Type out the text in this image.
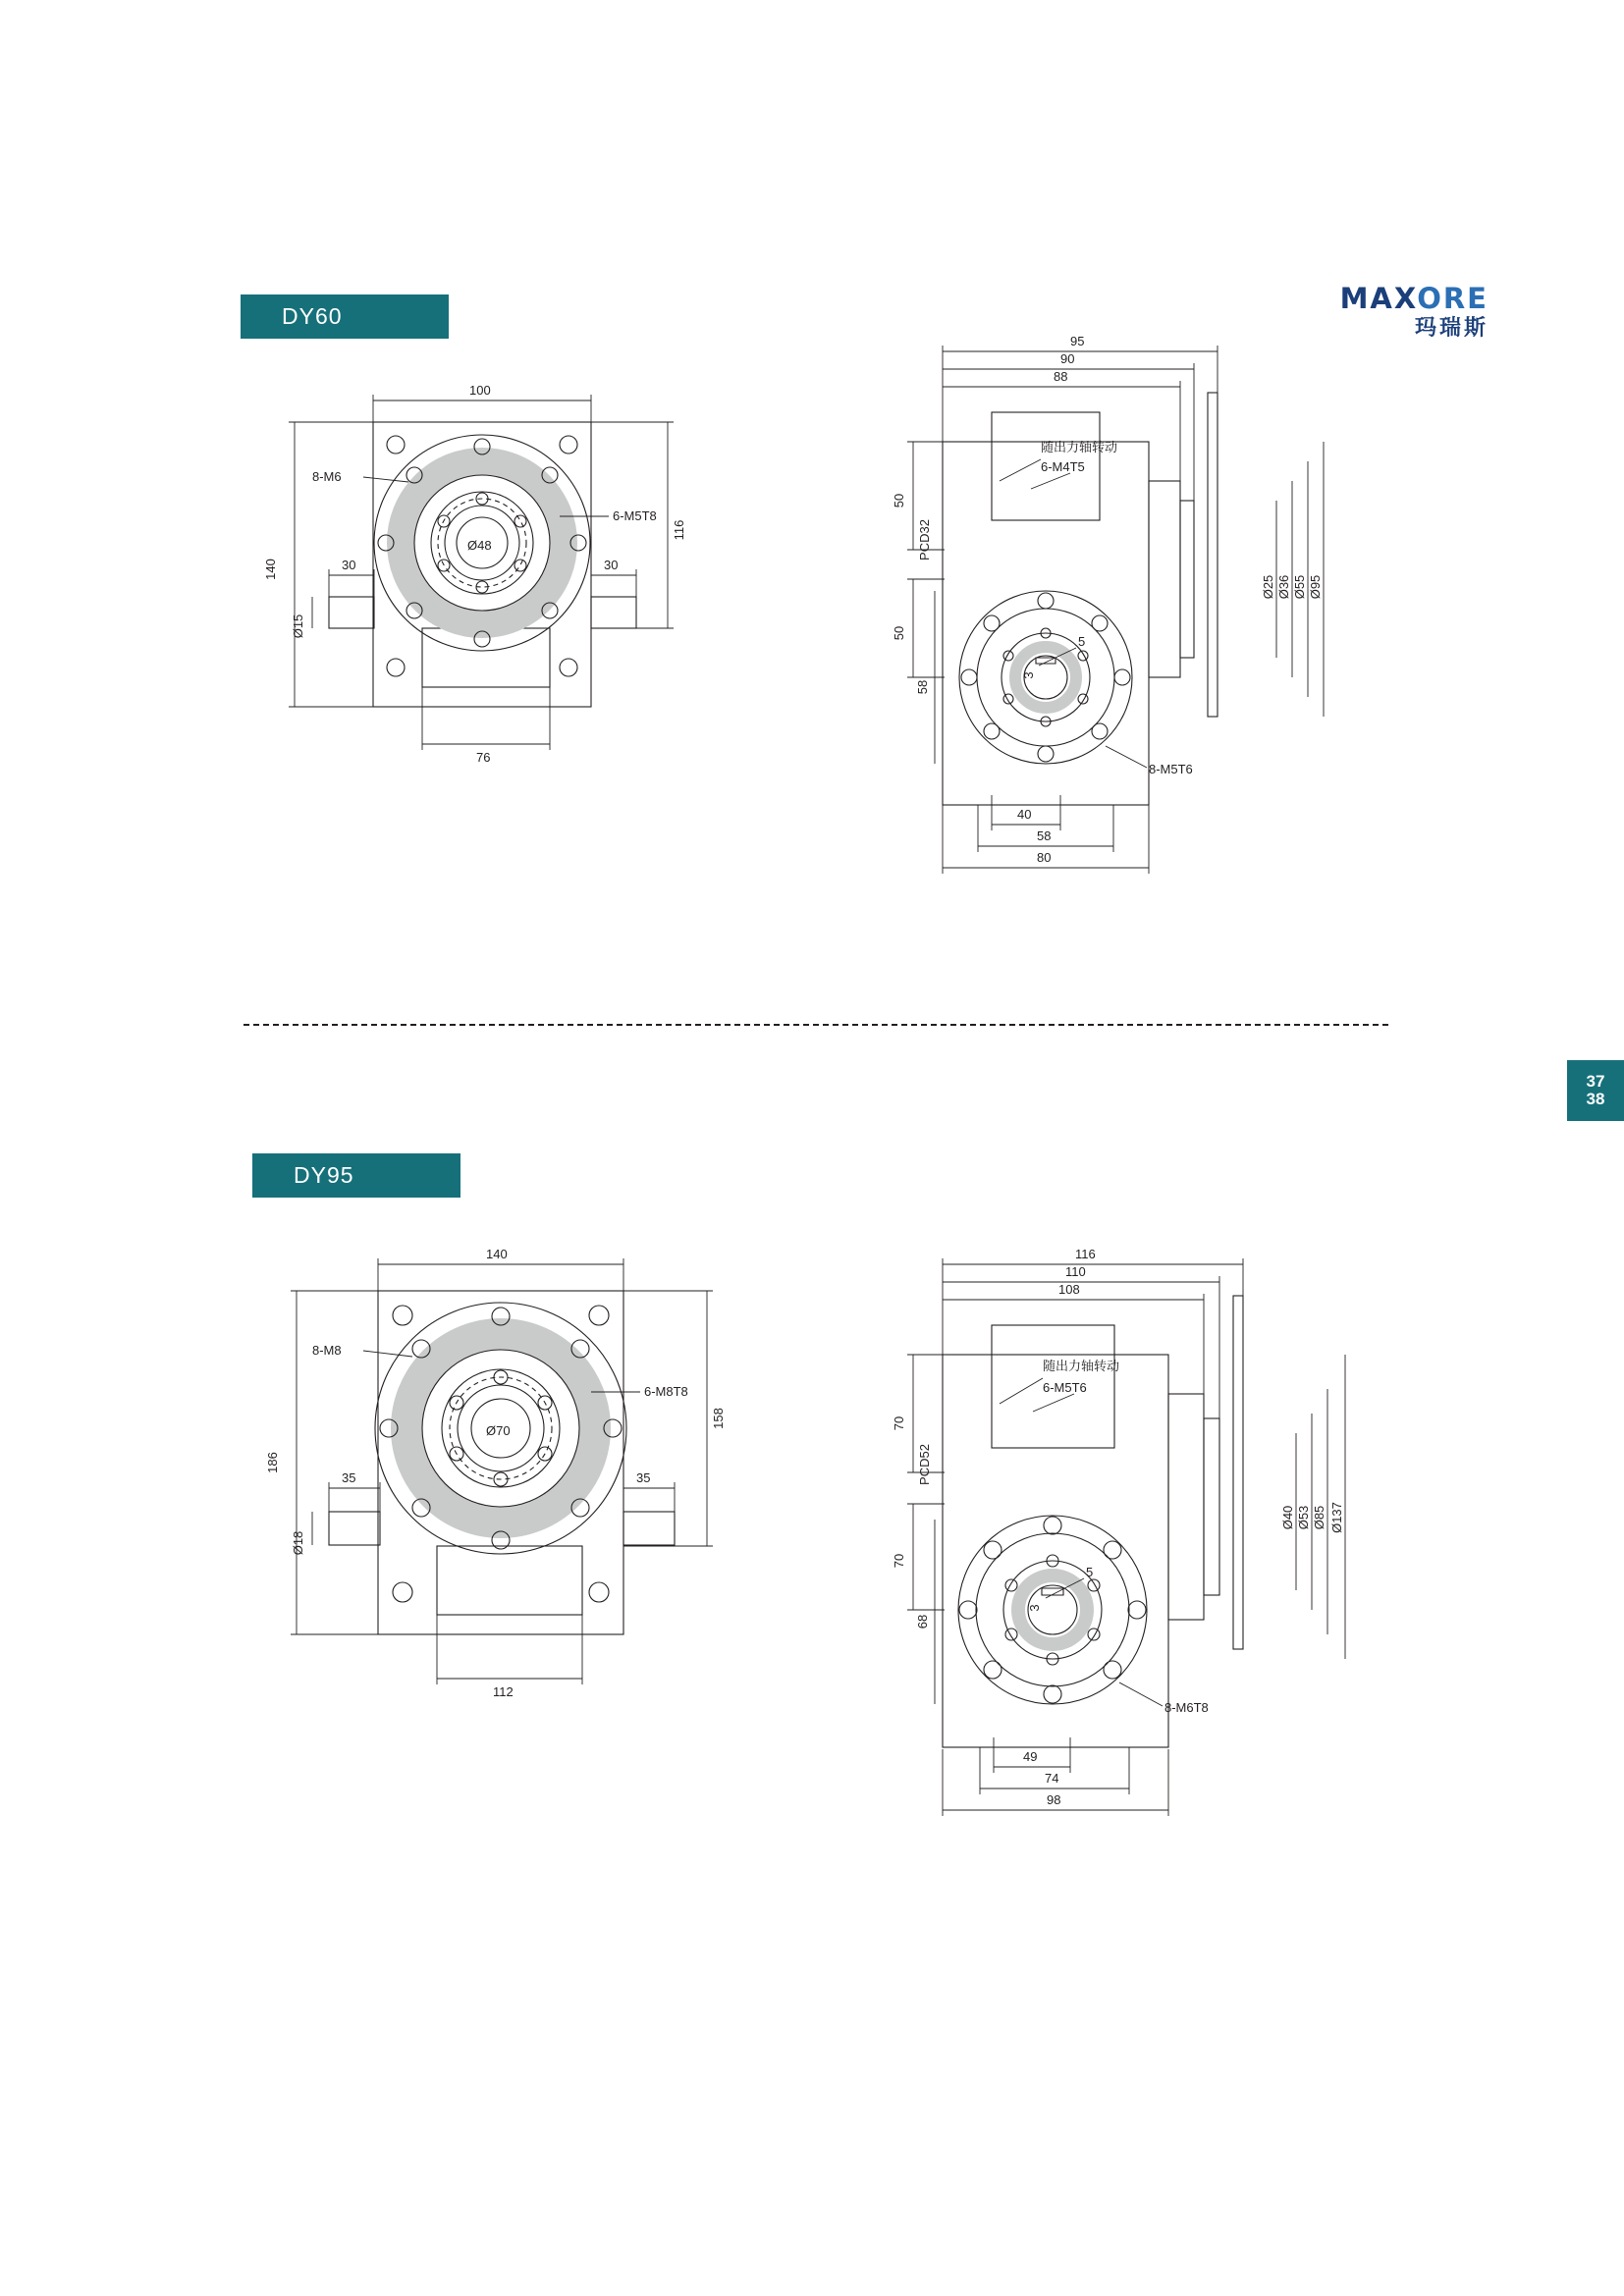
MAXORE
玛瑞斯
DY60
100
140
116
76
30	30
Ø15
8-M6
6-M5T8
Ø48
95
90
88
50
50
58
Ø25 Ø36 Ø55 Ø95
PCD32
随出力轴转动
6-M4T5
5
3
8-M5T6
40
58
80
37
38
DY95
140
186
158
112
35	35
Ø18
8-M8
6-M8T8
Ø70
116
110
108
70
70
68
Ø40 Ø53 Ø85 Ø137
PCD52
随出力轴转动
6-M5T6
5
3
8-M6T8
49
74
98
